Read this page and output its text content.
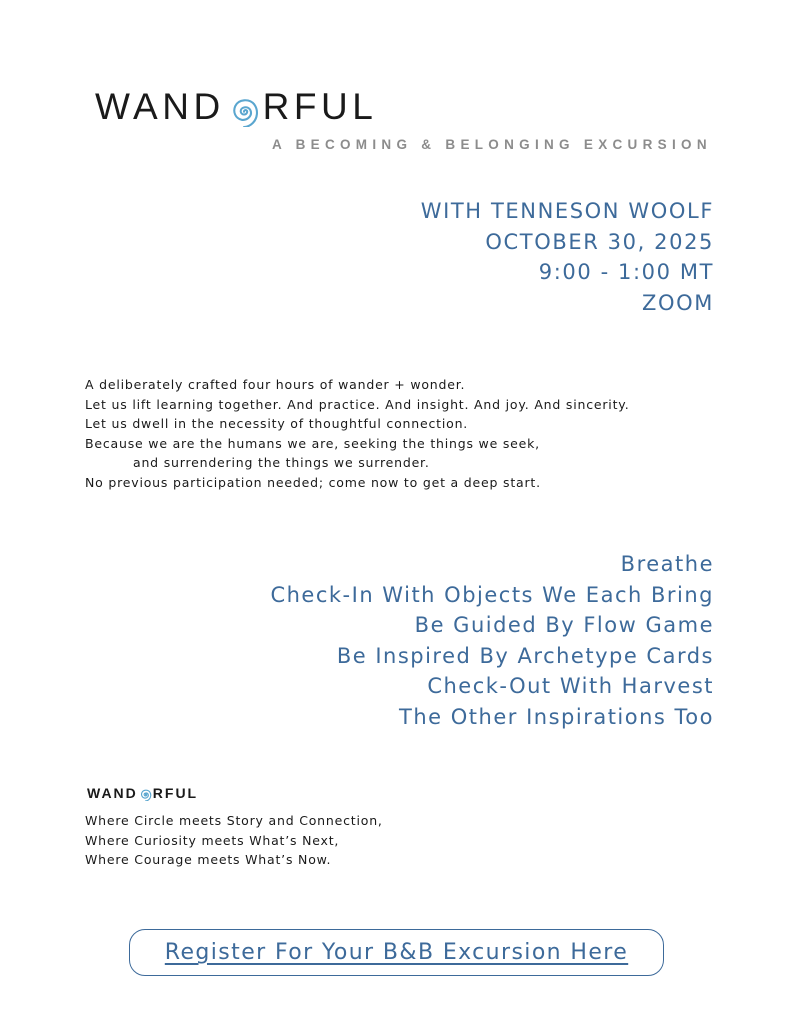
WAND RFUL
A BECOMING & BELONGING EXCURSION
WITH TENNESON WOOLF
OCTOBER 30, 2025
9:00 - 1:00 MT
ZOOM
A deliberately crafted four hours of wander + wonder.
Let us lift learning together. And practice. And insight. And joy. And sincerity.
Let us dwell in the necessity of thoughtful connection.
Because we are the humans we are, seeking the things we seek,
and surrendering the things we surrender.
No previous participation needed; come now to get a deep start.
Breathe
Check-In With Objects We Each Bring
Be Guided By Flow Game
Be Inspired By Archetype Cards
Check-Out With Harvest
The Other Inspirations Too
WAND RFUL
Where Circle meets Story and Connection,
Where Curiosity meets What’s Next,
Where Courage meets What’s Now.
Register For Your B&B Excursion Here
